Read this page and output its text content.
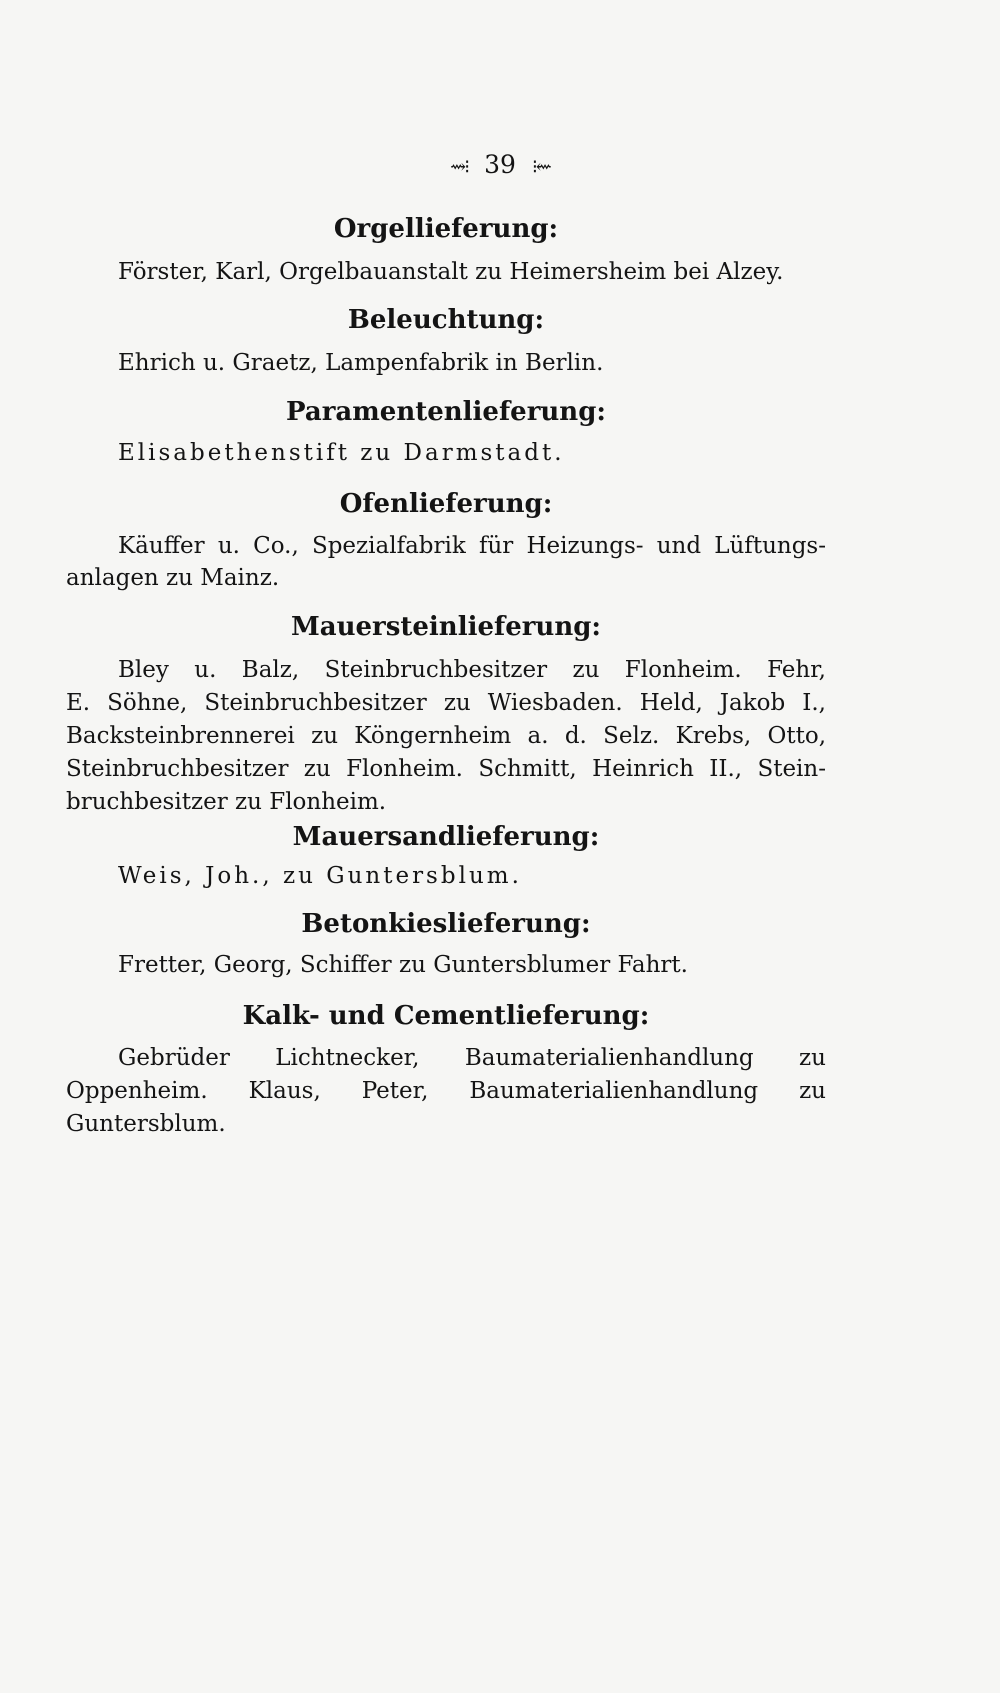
⇝⁝ 39 ⁝⇜
Orgellieferung:
Förster, Karl, Orgelbauanstalt zu Heimersheim bei Alzey.
Beleuchtung:
Ehrich u. Graetz, Lampenfabrik in Berlin.
Paramentenlieferung:
Elisabethenstift zu Darmstadt.
Ofenlieferung:
Käuffer u. Co., Spezialfabrik für Heizungs- und Lüftungs-
anlagen zu Mainz.
Mauersteinlieferung:
Bley u. Balz, Steinbruchbesitzer zu Flonheim. Fehr,
E. Söhne, Steinbruchbesitzer zu Wiesbaden. Held, Jakob I.,
Backsteinbrennerei zu Köngernheim a. d. Selz. Krebs, Otto,
Steinbruchbesitzer zu Flonheim. Schmitt, Heinrich II., Stein-
bruchbesitzer zu Flonheim.
Mauersandlieferung:
Weis, Joh., zu Guntersblum.
Betonkieslieferung:
Fretter, Georg, Schiffer zu Guntersblumer Fahrt.
Kalk- und Cementlieferung:
Gebrüder Lichtnecker, Baumaterialienhandlung zu
Oppenheim. Klaus, Peter, Baumaterialienhandlung zu
Guntersblum.
